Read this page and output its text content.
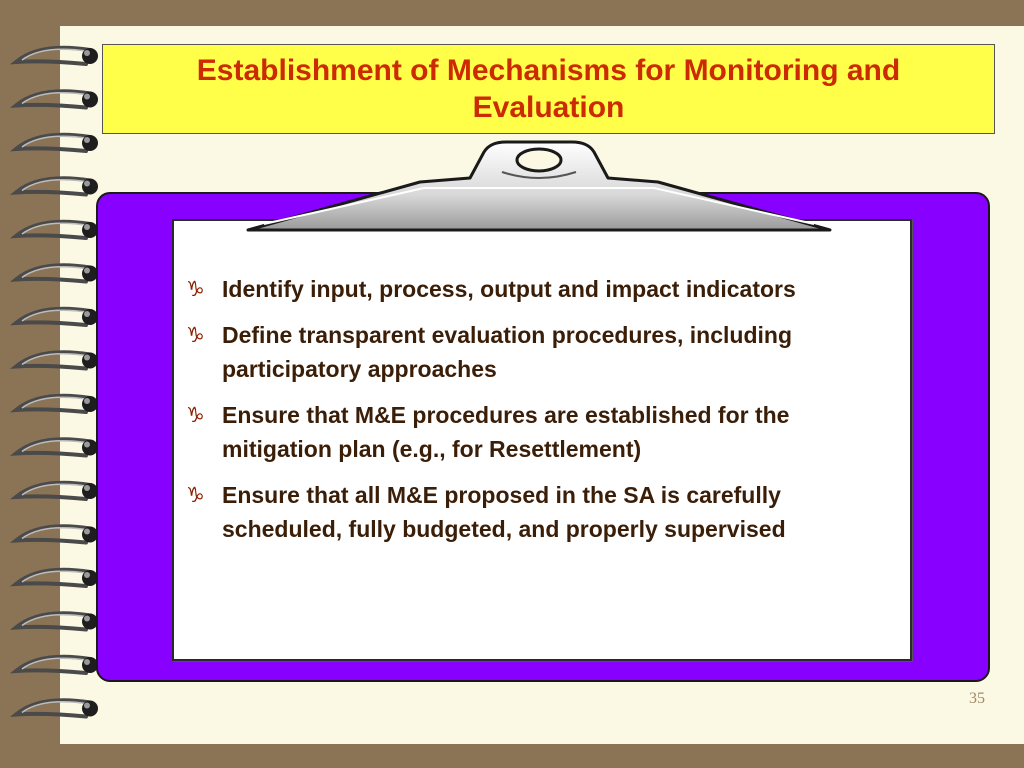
Establishment of Mechanisms for Monitoring and Evaluation
♑ Identify input, process, output and impact indicators
♑ Define transparent evaluation procedures, including participatory approaches
♑ Ensure that M&E procedures are established for the mitigation plan (e.g., for Resettlement)
♑ Ensure that all M&E proposed in the SA is carefully scheduled, fully budgeted, and properly supervised
35
